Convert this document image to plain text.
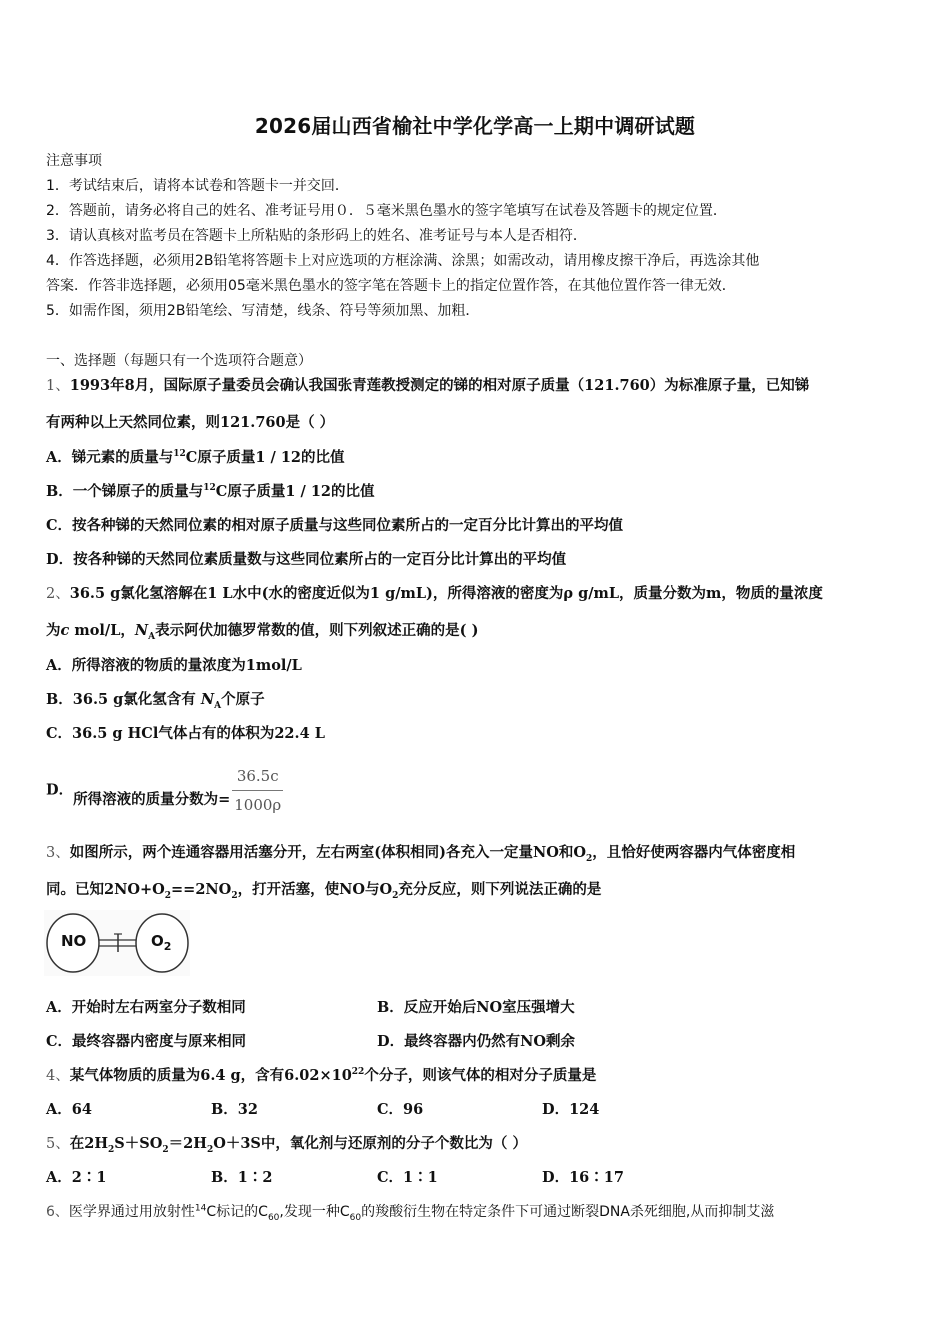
2026届山西省榆社中学化学高一上期中调研试题
注意事项
1．考试结束后，请将本试卷和答题卡一并交回．
2．答题前，请务必将自己的姓名、准考证号用０．５毫米黑色墨水的签字笔填写在试卷及答题卡的规定位置．
3．请认真核对监考员在答题卡上所粘贴的条形码上的姓名、准考证号与本人是否相符．
4．作答选择题，必须用2B铅笔将答题卡上对应选项的方框涂满、涂黑；如需改动，请用橡皮擦干净后，再选涂其他
答案．作答非选择题，必须用05毫米黑色墨水的签字笔在答题卡上的指定位置作答，在其他位置作答一律无效．
5．如需作图，须用2B铅笔绘、写清楚，线条、符号等须加黑、加粗．
一、选择题（每题只有一个选项符合题意）
1、1993年8月，国际原子量委员会确认我国张青莲教授测定的锑的相对原子质量（121.760）为标准原子量，已知锑
有两种以上天然同位素，则121.760是（ ）
A．锑元素的质量与$^{12}$C原子质量1 / 12的比值
B．一个锑原子的质量与$^{12}$C原子质量1 / 12的比值
C．按各种锑的天然同位素的相对原子质量与这些同位素所占的一定百分比计算出的平均值
D．按各种锑的天然同位素质量数与这些同位素所占的一定百分比计算出的平均值
2、36.5 g氯化氢溶解在1 L水中(水的密度近似为1 g/mL)，所得溶液的密度为ρ g/mL，质量分数为m，物质的量浓度
为c mol/L，$N_A$表示阿伏加德罗常数的值，则下列叙述正确的是( )
A．所得溶液的物质的量浓度为1mol/L
B．36.5 g氯化氢含有 $N_A$个原子
C．36.5 g HCl气体占有的体积为22.4 L
D．所得溶液的质量分数为= $\frac{36.5c}{1000\rho}$
3、如图所示，两个连通容器用活塞分开，左右两室(体积相同)各充入一定量NO和$O_2$，且恰好使两容器内气体密度相
同。已知$2NO+O_2==2NO_2$，打开活塞，使NO与$O_2$充分反应，则下列说法正确的是
NO	$O_2$
A．开始时左右两室分子数相同	B．反应开始后NO室压强增大
C．最终容器内密度与原来相同	D．最终容器内仍然有NO剩余
4、某气体物质的质量为6.4 g，含有$6.02\times 10^{22}$个分子，则该气体的相对分子质量是
A．64	B．32	C．96	D．124
5、在$2H_2S+SO_2=2H_2O+3S$中，氧化剂与还原剂的分子个数比为（ ）
A．2∶1	B．1∶2	C．1∶1	D．16∶17
6、医学界通过用放射性$^{14}$C标记的$C_{60}$,发现一种$C_{60}$的羧酸衍生物在特定条件下可通过断裂DNA杀死细胞,从而抑制艾滋
